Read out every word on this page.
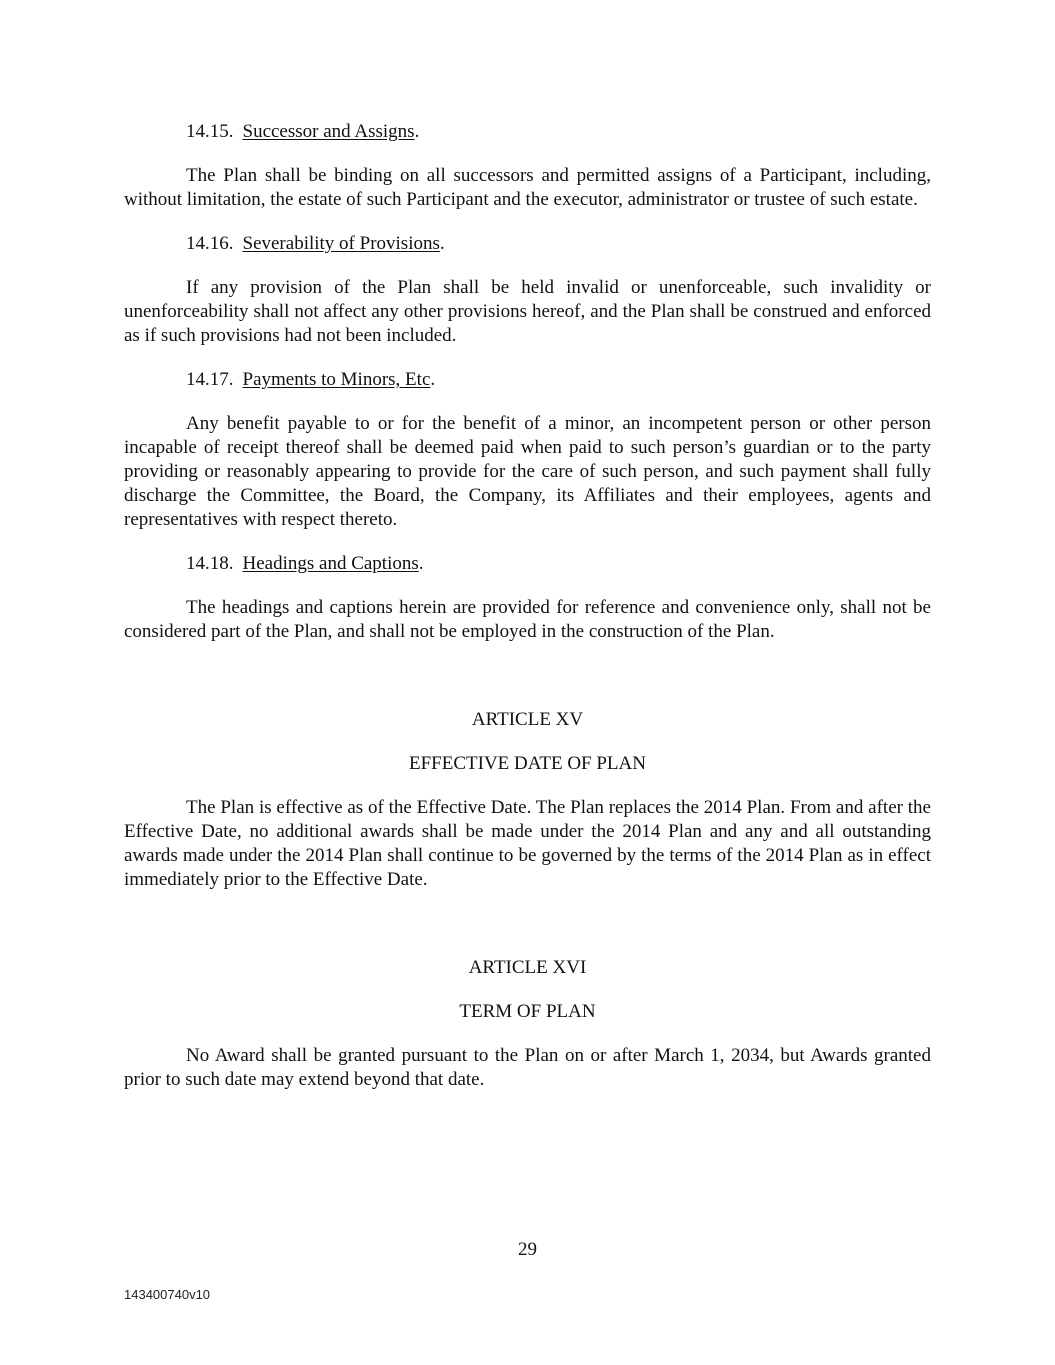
14.15. Successor and Assigns.

The Plan shall be binding on all successors and permitted assigns of a Participant, including, without limitation, the estate of such Participant and the executor, administrator or trustee of such estate.

14.16. Severability of Provisions.

If any provision of the Plan shall be held invalid or unenforceable, such invalidity or unenforceability shall not affect any other provisions hereof, and the Plan shall be construed and enforced as if such provisions had not been included.

14.17. Payments to Minors, Etc.

Any benefit payable to or for the benefit of a minor, an incompetent person or other person incapable of receipt thereof shall be deemed paid when paid to such person’s guardian or to the party providing or reasonably appearing to provide for the care of such person, and such payment shall fully discharge the Committee, the Board, the Company, its Affiliates and their employees, agents and representatives with respect thereto.

14.18. Headings and Captions.

The headings and captions herein are provided for reference and convenience only, shall not be considered part of the Plan, and shall not be employed in the construction of the Plan.

ARTICLE XV

EFFECTIVE DATE OF PLAN

The Plan is effective as of the Effective Date. The Plan replaces the 2014 Plan. From and after the Effective Date, no additional awards shall be made under the 2014 Plan and any and all outstanding awards made under the 2014 Plan shall continue to be governed by the terms of the 2014 Plan as in effect immediately prior to the Effective Date.

ARTICLE XVI

TERM OF PLAN

No Award shall be granted pursuant to the Plan on or after March 1, 2034, but Awards granted prior to such date may extend beyond that date.

29
143400740v10
